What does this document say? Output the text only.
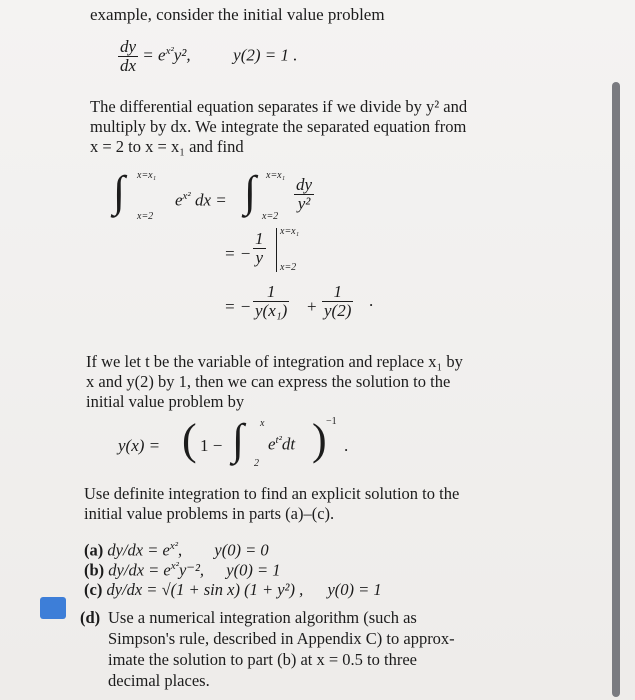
example, consider the initial value problem
$\frac{dy}{dx} = e^{x^2}y^2$,	y(2) = 1 .
The differential equation separates if we divide by y² and
multiply by dx. We integrate the separated equation from
x = 2 to x = x₁ and find
∫ x=x₁
x=2
$e^{x^2}$ dx = ∫ x=x₁
x=2
$\frac{dy}{\text{y²}}$
= − $\frac{1}{y} x=x_1$
x=2
= − $\frac{1}{\text{y(x₁)}} + \frac{1}{y(2)}$ .
If we let t be the variable of integration and replace x₁ by
x and y(2) by 1, then we can express the solution to the
initial value problem by
y(x) = ( 1 − ∫ x
2
$e^{t^2}dt$ ) −1
.
Use definite integration to find an explicit solution to the
initial value problems in parts (a)–(c).
(a) $dy/dx = e^{x^2}$, y(0) = 0
(b) $dy/dx = e^{x^2}y^{-2}$, y(0) = 1
(c) dy/dx = √(1 + sin x) (1 + y²) , y(0) = 1
(d) Use a numerical integration algorithm (such as
Simpson's rule, described in Appendix C) to approx-
imate the solution to part (b) at x = 0.5 to three
decimal places.
